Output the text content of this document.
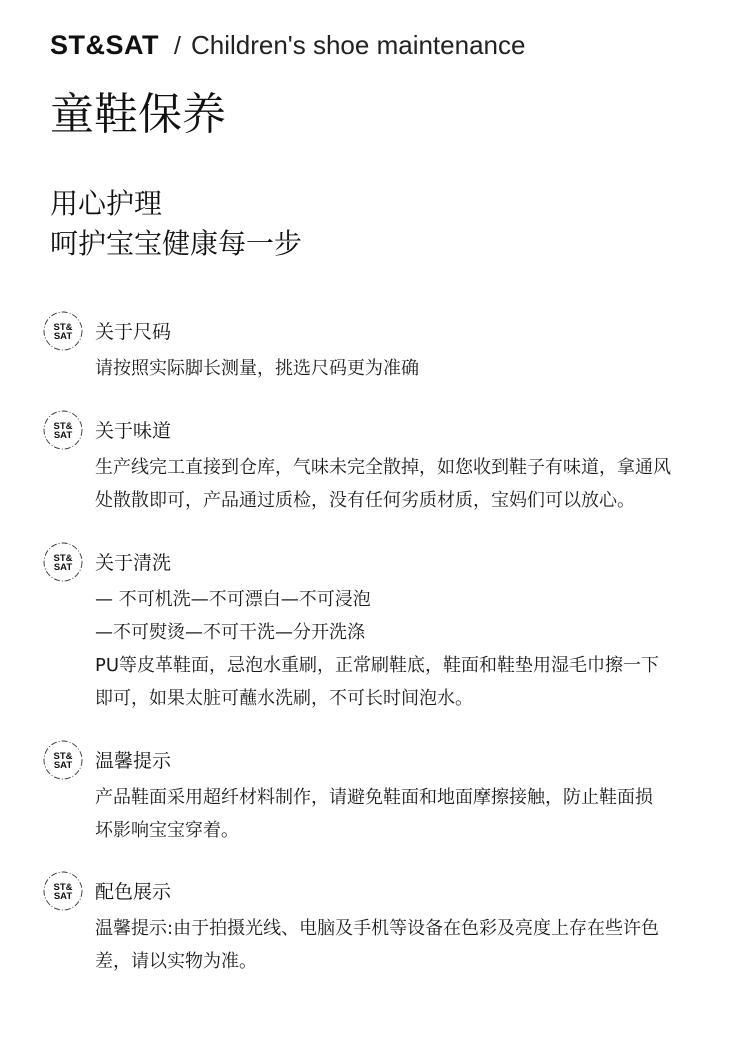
ST&SAT / Children's shoe maintenance
童鞋保养
用心护理
呵护宝宝健康每一步
ST&
SAT 关于尺码
请按照实际脚长测量，挑选尺码更为准确
ST&
SAT 关于味道
生产线完工直接到仓库，气味未完全散掉，如您收到鞋子有味道，拿通风
处散散即可，产品通过质检，没有任何劣质材质，宝妈们可以放心。
ST&
SAT 关于清洗
— 不可机洗—不可漂白—不可浸泡
—不可熨烫—不可干洗—分开洗涤
PU等皮革鞋面，忌泡水重刷，正常刷鞋底，鞋面和鞋垫用湿毛巾擦一下
即可，如果太脏可蘸水洗刷，不可长时间泡水。
ST&
SAT 温馨提示
产品鞋面采用超纤材料制作，请避免鞋面和地面摩擦接触，防止鞋面损
坏影响宝宝穿着。
ST&
SAT 配色展示
温馨提示:由于拍摄光线、电脑及手机等设备在色彩及亮度上存在些许色
差，请以实物为准。
